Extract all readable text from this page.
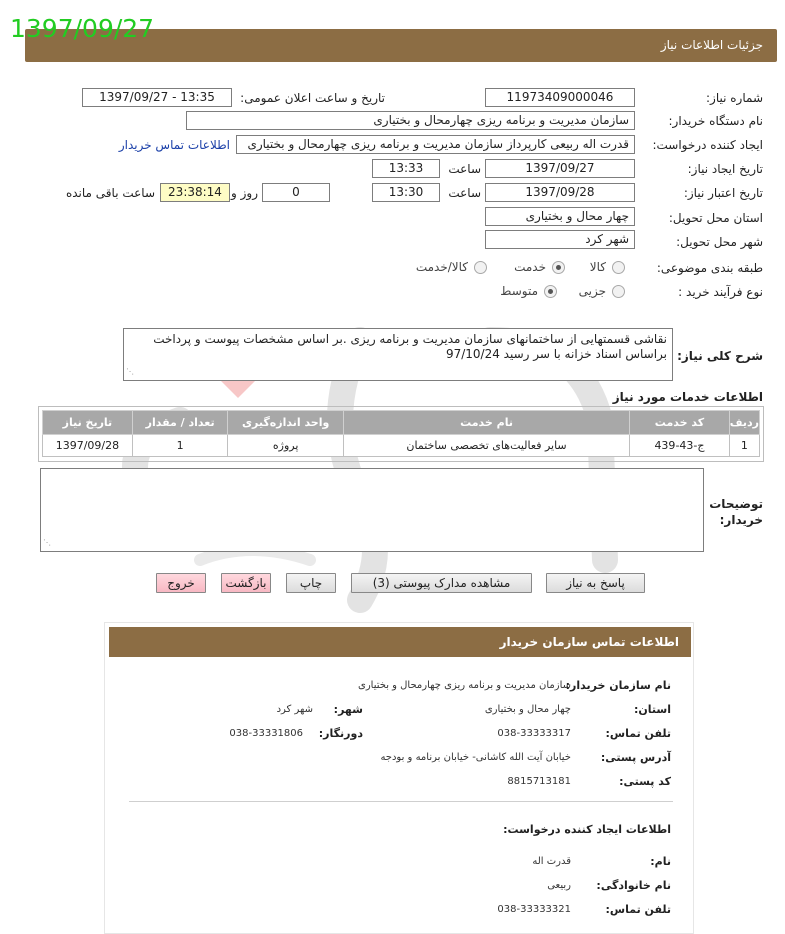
1397/09/27
جزئیات اطلاعات نیاز
شماره نیاز:
11973409000046
تاریخ و ساعت اعلان عمومی:
1397/09/27 - 13:35
نام دستگاه خریدار:
سازمان مدیریت و برنامه ریزی چهارمحال و بختیاری
ایجاد کننده درخواست:
قدرت اله ربیعی کارپرداز سازمان مدیریت و برنامه ریزی چهارمحال و بختیاری
اطلاعات تماس خریدار
تاریخ ایجاد نیاز:
1397/09/27
ساعت
13:33
تاریخ اعتبار نیاز:
1397/09/28
ساعت
13:30
0
روز و
23:38:14
ساعت باقی مانده
استان محل تحویل:
چهار محال و بختیاری
شهر محل تحویل:
شهر کرد
طبقه بندی موضوعی:
کالا
خدمت
کالا/خدمت
نوع فرآیند خرید :
جزیی
متوسط
شرح کلی نیاز:
نقاشی قسمتهایی از ساختمانهای سازمان مدیریت و برنامه ریزی .بر اساس مشخصات پیوست و پرداخت براساس اسناد خزانه با سر رسید 97/10/24
⋰
اطلاعات خدمات مورد نیاز
ردیف	کد خدمت	نام خدمت	واحد اندازه‌گیری	تعداد / مقدار	تاریخ نیاز
1	ج-43-439	سایر فعالیت‌های تخصصی ساختمان	پروژه	1	1397/09/28
توضیحات خریدار:
⋰
پاسخ به نیاز
مشاهده مدارک پیوستی (3)
چاپ
بازگشت
خروج
اطلاعات تماس سازمان خریدار
نام سازمان خریدار:
سازمان مدیریت و برنامه ریزی چهارمحال و بختیاری
استان:
چهار محال و بختیاری
شهر:
شهر کرد
تلفن تماس:
038-33333317
دورنگار:
038-33331806
آدرس پستی:
خیابان آیت الله کاشانی- خیابان برنامه و بودجه
کد پستی:
8815713181
اطلاعات ایجاد کننده درخواست:
نام:
قدرت اله
نام خانوادگی:
ربیعی
تلفن تماس:
038-33333321
